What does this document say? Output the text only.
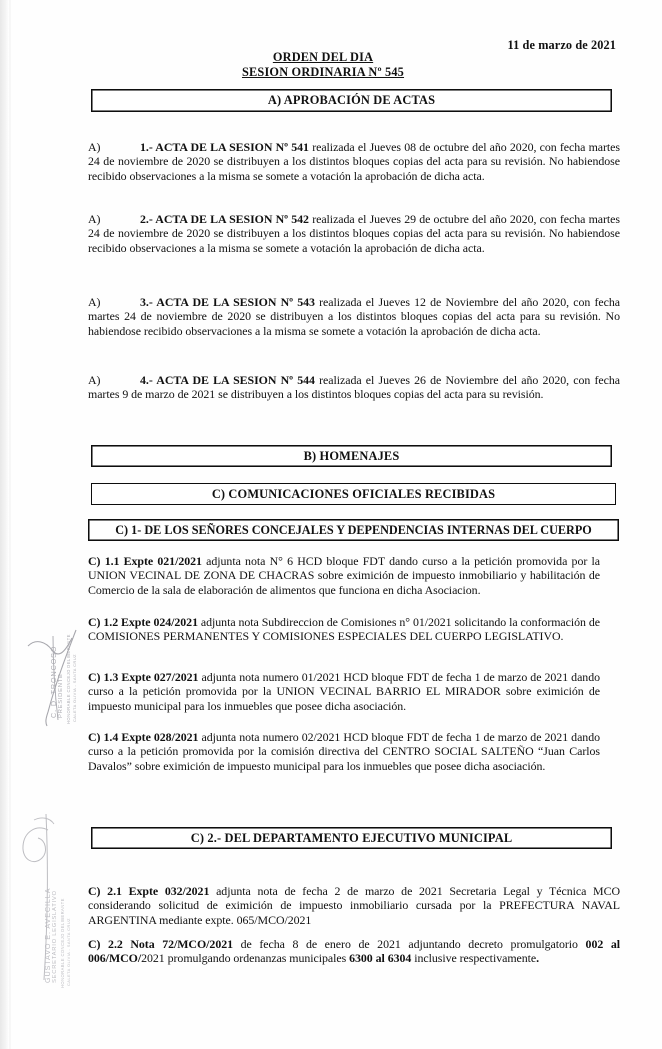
11 de marzo de 2021
ORDEN DEL DIA
SESION ORDINARIA Nº 545
A) APROBACIÓN DE ACTAS
A)	1.- ACTA DE LA SESION Nº 541 realizada el Jueves 08 de octubre del año 2020, con fecha martes 24 de noviembre de 2020 se distribuyen a los distintos bloques copias del acta para su revisión. No habiendose recibido observaciones a la misma se somete a votación la aprobación de dicha acta.
A)	2.- ACTA DE LA SESION Nº 542 realizada el Jueves 29 de octubre del año 2020, con fecha martes 24 de noviembre de 2020 se distribuyen a los distintos bloques copias del acta para su revisión. No habiendose recibido observaciones a la misma se somete a votación la aprobación de dicha acta.
A)	3.- ACTA DE LA SESION Nº 543 realizada el Jueves 12 de Noviembre del año 2020, con fecha martes 24 de noviembre de 2020 se distribuyen a los distintos bloques copias del acta para su revisión. No habiendose recibido observaciones a la misma se somete a votación la aprobación de dicha acta.
A)	4.- ACTA DE LA SESION Nº 544 realizada el Jueves 26 de Noviembre del año 2020, con fecha martes 9 de marzo de 2021 se distribuyen a los distintos bloques copias del acta para su revisión.
B) HOMENAJES
C) COMUNICACIONES OFICIALES RECIBIDAS
C) 1- DE LOS SEÑORES CONCEJALES Y DEPENDENCIAS INTERNAS DEL CUERPO
C) 1.1 Expte 021/2021 adjunta nota N° 6 HCD bloque FDT dando curso a la petición promovida por la UNION VECINAL DE ZONA DE CHACRAS sobre eximición de impuesto inmobiliario y habilitación de Comercio de la sala de elaboración de alimentos que funciona en dicha Asociacion.
C) 1.2 Expte 024/2021 adjunta nota Subdireccion de Comisiones n° 01/2021 solicitando la conformación de COMISIONES PERMANENTES Y COMISIONES ESPECIALES DEL CUERPO LEGISLATIVO.
C) 1.3 Expte 027/2021 adjunta nota numero 01/2021 HCD bloque FDT de fecha 1 de marzo de 2021 dando curso a la petición promovida por la UNION VECINAL BARRIO EL MIRADOR sobre eximición de impuesto municipal para los inmuebles que posee dicha asociación.
C) 1.4 Expte 028/2021 adjunta nota numero 02/2021 HCD bloque FDT de fecha 1 de marzo de 2021 dando curso a la petición promovida por la comisión directiva del CENTRO SOCIAL SALTEÑO “Juan Carlos Davalos” sobre eximición de impuesto municipal para los inmuebles que posee dicha asociación.
C) 2.- DEL DEPARTAMENTO EJECUTIVO MUNICIPAL
C) 2.1 Expte 032/2021 adjunta nota de fecha 2 de marzo de 2021 Secretaria Legal y Técnica MCO considerando solicitud de eximición de impuesto inmobiliario cursada por la PREFECTURA NAVAL ARGENTINA mediante expte. 065/MCO/2021
C) 2.2 Nota 72/MCO/2021 de fecha 8 de enero de 2021 adjuntando decreto promulgatorio 002 al 006/MCO/2021 promulgando ordenanzas municipales 6300 al 6304 inclusive respectivamente.
C. D. TRONCOSO PRESIDENTE HONORABLE CONCEJO DELIBERANTE CALETA OLIVIA - SANTA CRUZ
GUSTAVO E. AVECILLA SECRETARIO LEGISLATIVO HONORABLE CONCEJO DELIBERANTE CALETA OLIVIA - SANTA CRUZ
